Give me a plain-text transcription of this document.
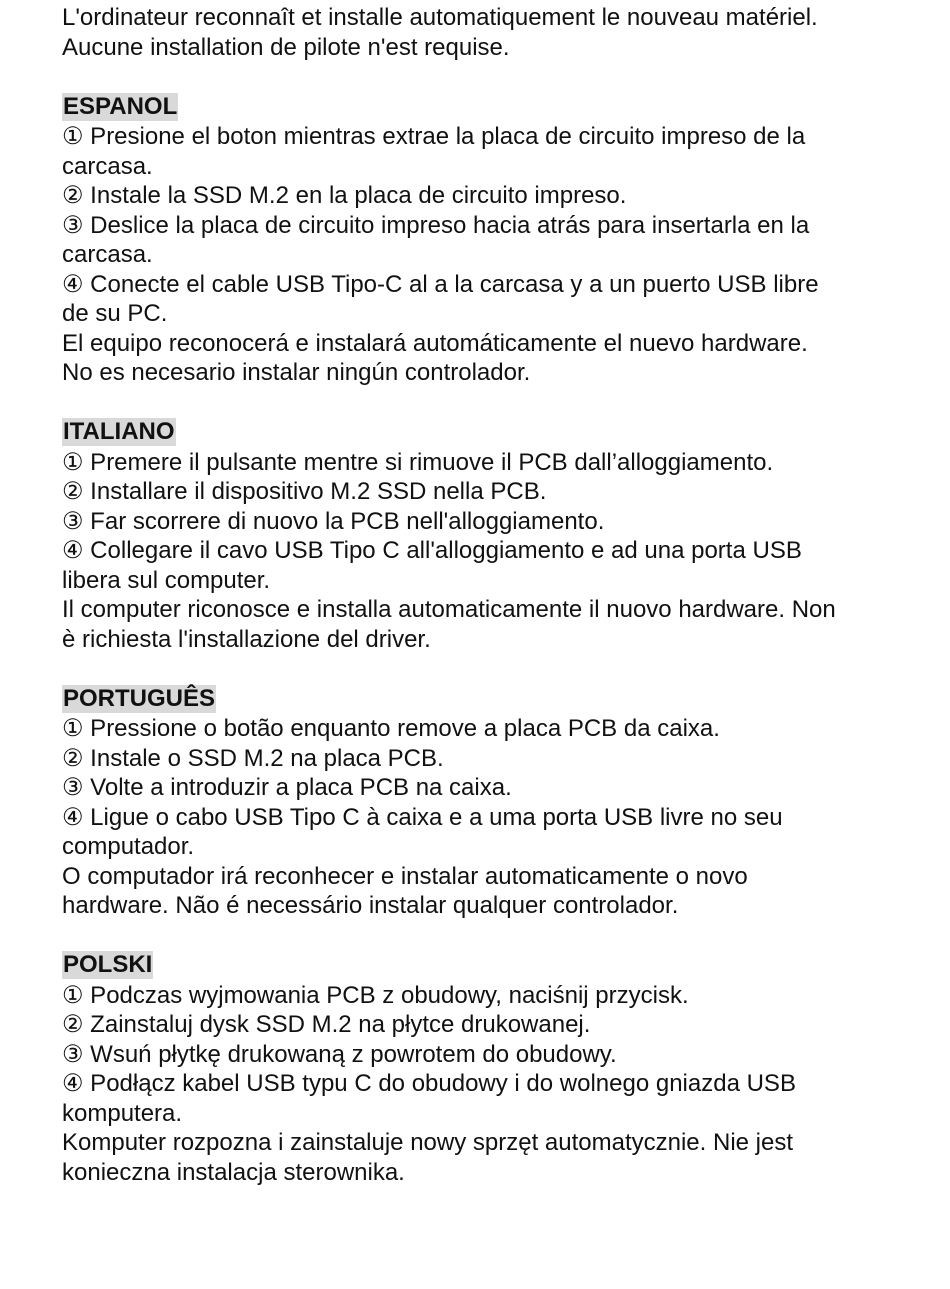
L'ordinateur reconnaît et installe automatiquement le nouveau matériel.
Aucune installation de pilote n'est requise.
ESPANOL
① Presione el boton mientras extrae la placa de circuito impreso de la
carcasa.
② Instale la SSD M.2 en la placa de circuito impreso.
③ Deslice la placa de circuito impreso hacia atrás para insertarla en la
carcasa.
④ Conecte el cable USB Tipo-C al a la carcasa y a un puerto USB libre
de su PC.
El equipo reconocerá e instalará automáticamente el nuevo hardware.
No es necesario instalar ningún controlador.
ITALIANO
① Premere il pulsante mentre si rimuove il PCB dall’alloggiamento.
② Installare il dispositivo M.2 SSD nella PCB.
③ Far scorrere di nuovo la PCB nell'alloggiamento.
④ Collegare il cavo USB Tipo C all'alloggiamento e ad una porta USB
libera sul computer.
Il computer riconosce e installa automaticamente il nuovo hardware. Non
è richiesta l'installazione del driver.
PORTUGUÊS
① Pressione o botão enquanto remove a placa PCB da caixa.
② Instale o SSD M.2 na placa PCB.
③ Volte a introduzir a placa PCB na caixa.
④ Ligue o cabo USB Tipo C à caixa e a uma porta USB livre no seu
computador.
O computador irá reconhecer e instalar automaticamente o novo
hardware. Não é necessário instalar qualquer controlador.
POLSKI
① Podczas wyjmowania PCB z obudowy, naciśnij przycisk.
② Zainstaluj dysk SSD M.2 na płytce drukowanej.
③ Wsuń płytkę drukowaną z powrotem do obudowy.
④ Podłącz kabel USB typu C do obudowy i do wolnego gniazda USB
komputera.
Komputer rozpozna i zainstaluje nowy sprzęt automatycznie. Nie jest
konieczna instalacja sterownika.
